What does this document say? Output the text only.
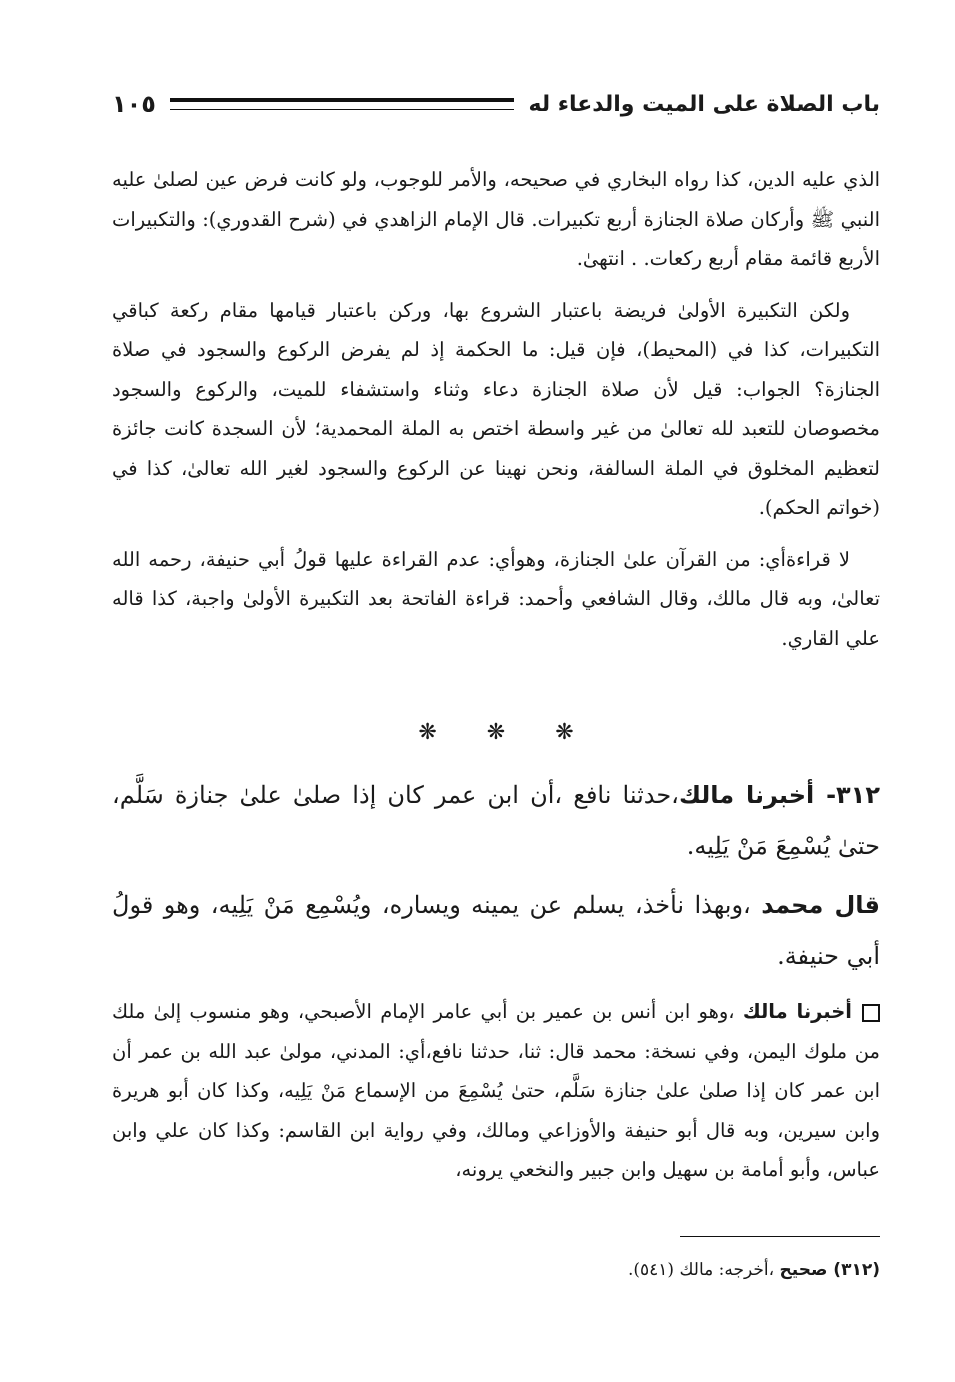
باب الصلاة على الميت والدعاء له
١٠٥

الذي عليه الدين، كذا رواه البخاري في صحيحه، والأمر للوجوب، ولو كانت فرض عين لصلىٰ عليه النبي ﷺ وأركان صلاة الجنازة أربع تكبيرات. قال الإمام الزاهدي في (شرح القدوري): والتكبيرات الأربع قائمة مقام أربع ركعات. . انتهىٰ.

ولكن التكبيرة الأولىٰ فريضة باعتبار الشروع بها، وركن باعتبار قيامها مقام ركعة كباقي التكبيرات، كذا في (المحيط)، فإن قيل: ما الحكمة إذ لم يفرض الركوع والسجود في صلاة الجنازة؟ الجواب: قيل لأن صلاة الجنازة دعاء وثناء واستشفاء للميت، والركوع والسجود مخصوصان للتعبد لله تعالىٰ من غير واسطة اختص به الملة المحمدية؛ لأن السجدة كانت جائزة لتعظيم المخلوق في الملة السالفة، ونحن نهينا عن الركوع والسجود لغير الله تعالىٰ، كذا في (خواتم الحكم).

لا قراءةأي: من القرآن علىٰ الجنازة، وهوأي: عدم القراءة عليها قولُ أبي حنيفة، رحمه الله تعالىٰ، وبه قال مالك، وقال الشافعي وأحمد: قراءة الفاتحة بعد التكبيرة الأولىٰ واجبة، كذا قاله علي القاري.

❋ ❋ ❋

٣١٢- أخبرنا مالك،حدثنا نافع ،أن ابن عمر كان إذا صلىٰ علىٰ جنازة سَلَّم، حتىٰ يُسْمِعَ مَنْ يَلِيه.

قال محمد ،وبهذا نأخذ، يسلم عن يمينه ويساره، ويُسْمِع مَنْ يَلِيه، وهو قولُ أبي حنيفة.

أخبرنا مالك ،وهو ابن أنس بن عمير بن أبي عامر الإمام الأصبحي، وهو منسوب إلىٰ ملك من ملوك اليمن، وفي نسخة: محمد قال: ثنا، حدثنا نافع،أي: المدني، مولىٰ عبد الله بن عمر أن ابن عمر كان إذا صلىٰ علىٰ جنازة سَلَّم، حتىٰ يُسْمِعَ من الإسماع مَنْ يَلِيه، وكذا كان أبو هريرة وابن سيرين، وبه قال أبو حنيفة والأوزاعي ومالك، وفي رواية ابن القاسم: وكذا كان علي وابن عباس، وأبو أمامة بن سهيل وابن جبير والنخعي يرونه،

(٣١٢) صحيح ،أخرجه: مالك (٥٤١).
